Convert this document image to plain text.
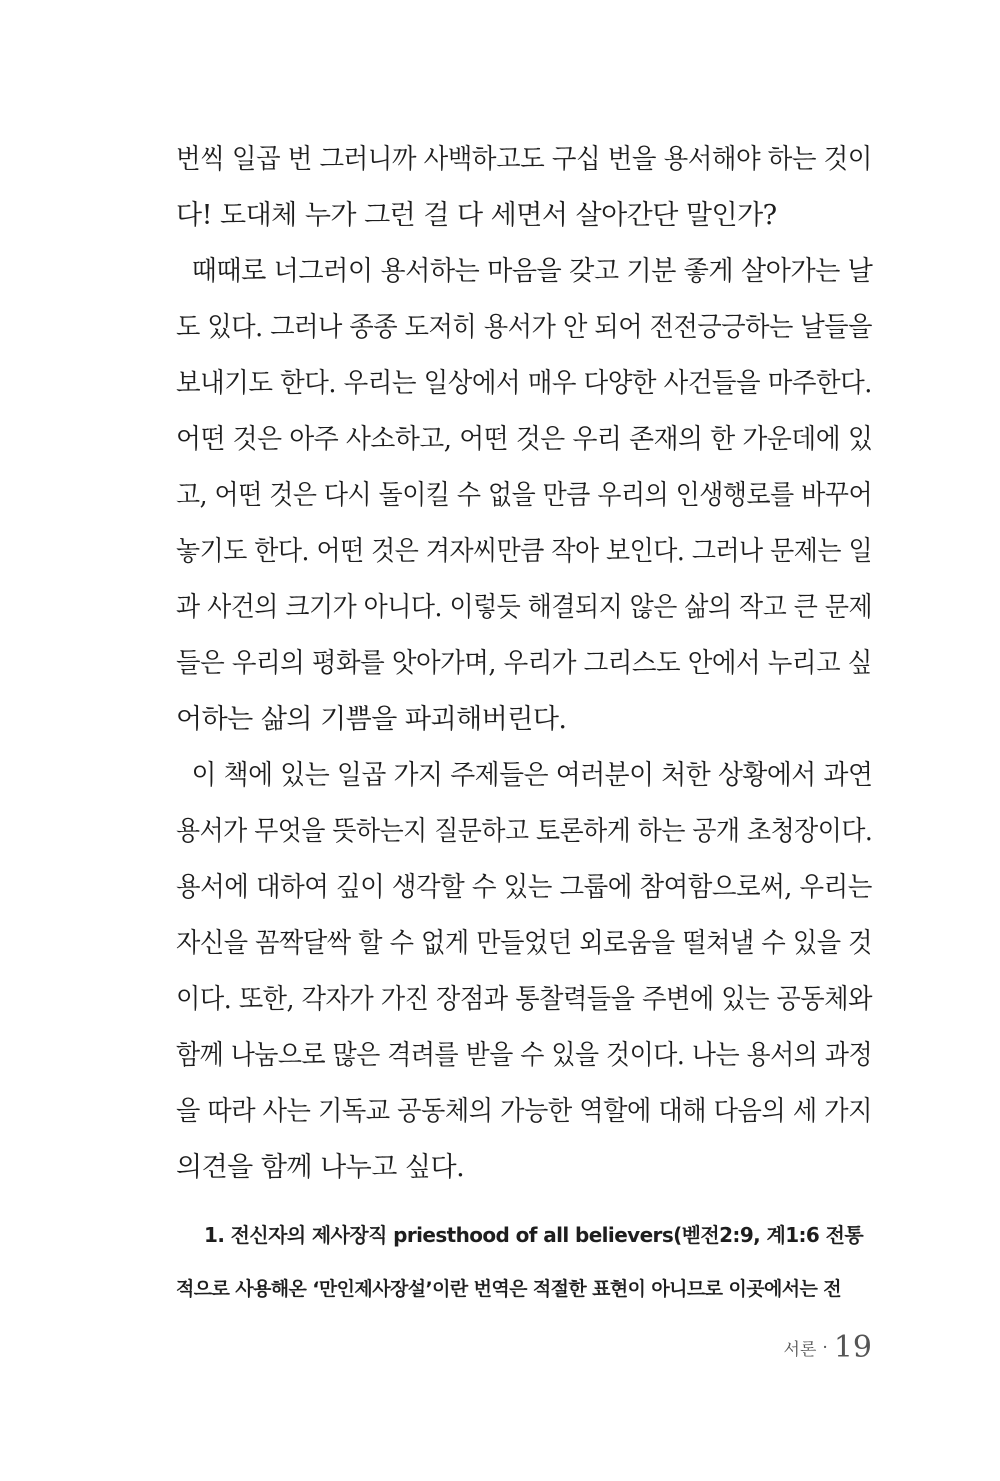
번씩 일곱 번 그러니까 사백하고도 구십 번을 용서해야 하는 것이
다! 도대체 누가 그런 걸 다 세면서 살아간단 말인가?
때때로 너그러이 용서하는 마음을 갖고 기분 좋게 살아가는 날
도 있다. 그러나 종종 도저히 용서가 안 되어 전전긍긍하는 날들을
보내기도 한다. 우리는 일상에서 매우 다양한 사건들을 마주한다.
어떤 것은 아주 사소하고, 어떤 것은 우리 존재의 한 가운데에 있
고, 어떤 것은 다시 돌이킬 수 없을 만큼 우리의 인생행로를 바꾸어
놓기도 한다. 어떤 것은 겨자씨만큼 작아 보인다. 그러나 문제는 일
과 사건의 크기가 아니다. 이렇듯 해결되지 않은 삶의 작고 큰 문제
들은 우리의 평화를 앗아가며, 우리가 그리스도 안에서 누리고 싶
어하는 삶의 기쁨을 파괴해버린다.
이 책에 있는 일곱 가지 주제들은 여러분이 처한 상황에서 과연
용서가 무엇을 뜻하는지 질문하고 토론하게 하는 공개 초청장이다.
용서에 대하여 깊이 생각할 수 있는 그룹에 참여함으로써, 우리는
자신을 꼼짝달싹 할 수 없게 만들었던 외로움을 떨쳐낼 수 있을 것
이다. 또한, 각자가 가진 장점과 통찰력들을 주변에 있는 공동체와
함께 나눔으로 많은 격려를 받을 수 있을 것이다. 나는 용서의 과정
을 따라 사는 기독교 공동체의 가능한 역할에 대해 다음의 세 가지
의견을 함께 나누고 싶다.
1. 전신자의 제사장직 priesthood of all believers(벧전2:9, 계1:6 전통
적으로 사용해온 ‘만인제사장설’이란 번역은 적절한 표현이 아니므로 이곳에서는 전
서론 · 19
